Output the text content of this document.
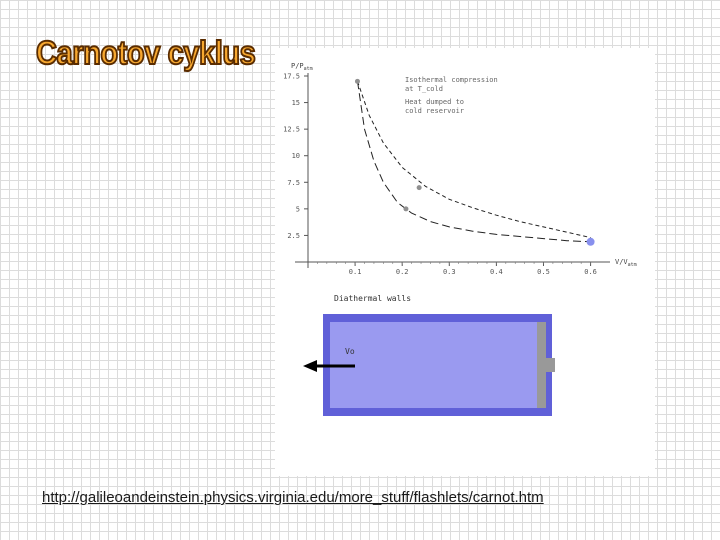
Carnotov cyklus
2.5
5
7.5
10
12.5
15
17.5
0.1	0.2	0.3	0.4	0.5	0.6
$P/P_{atm}$
$V/V_{atm}$
Isothermal compression
at T_cold
Heat dumped to
cold reservoir
Diathermal walls
Vo
http://galileoandeinstein.physics.virginia.edu/more_stuff/flashlets/carnot.htm
